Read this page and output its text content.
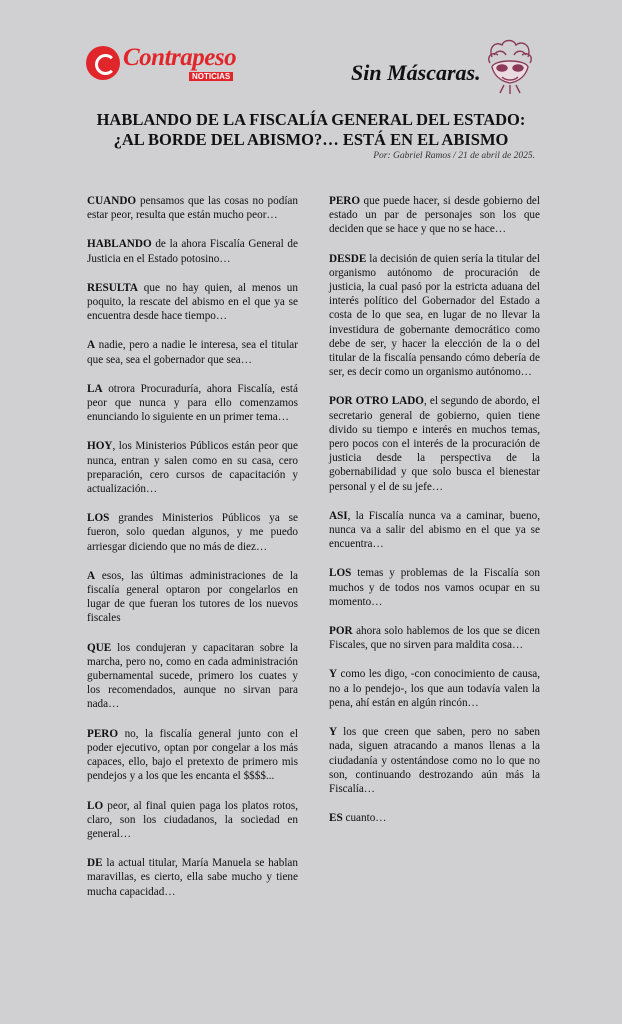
Contrapeso
NOTICIAS	Sin Máscaras.
HABLANDO DE LA FISCALÍA GENERAL DEL ESTADO:
¿AL BORDE DEL ABISMO?… ESTÁ EN EL ABISMO
Por: Gabriel Ramos / 21 de abril de 2025.

CUANDO pensamos que las cosas no podían estar peor, resulta que están mucho peor…

HABLANDO de la ahora Fiscalía General de Justicia en el Estado potosino…

RESULTA que no hay quien, al menos un poquito, la rescate del abismo en el que ya se encuentra desde hace tiempo…

A nadie, pero a nadie le interesa, sea el titular que sea, sea el gobernador que sea…

LA otrora Procuraduría, ahora Fiscalía, está peor que nunca y para ello comenzamos enunciando lo siguiente en un primer tema…

HOY, los Ministerios Públicos están peor que nunca, entran y salen como en su casa, cero preparación, cero cursos de capacitación y actualización…

LOS grandes Ministerios Públicos ya se fueron, solo quedan algunos, y me puedo arriesgar diciendo que no más de diez…

A esos, las últimas administraciones de la fiscalía general optaron por congelarlos en lugar de que fueran los tutores de los nuevos fiscales

QUE los condujeran y capacitaran sobre la marcha, pero no, como en cada administración gubernamental sucede, primero los cuates y los recomendados, aunque no sirvan para nada…

PERO no, la fiscalía general junto con el poder ejecutivo, optan por congelar a los más capaces, ello, bajo el pretexto de primero mis pendejos y a los que les encanta el $$$$...

LO peor, al final quien paga los platos rotos, claro, son los ciudadanos, la sociedad en general…

DE la actual titular, María Manuela se hablan maravillas, es cierto, ella sabe mucho y tiene mucha capacidad…

PERO que puede hacer, si desde gobierno del estado un par de personajes son los que deciden que se hace y que no se hace…

DESDE la decisión de quien sería la titular del organismo autónomo de procuración de justicia, la cual pasó por la estricta aduana del interés político del Gobernador del Estado a costa de lo que sea, en lugar de no llevar la investidura de gobernante democrático como debe de ser, y hacer la elección de la o del titular de la fiscalía pensando cómo debería de ser, es decir como un organismo autónomo…

POR OTRO LADO, el segundo de abordo, el secretario general de gobierno, quien tiene divido su tiempo e interés en muchos temas, pero pocos con el interés de la procuración de justicia desde la perspectiva de la gobernabilidad y que solo busca el bienestar personal y el de su jefe…

ASI, la Fiscalía nunca va a caminar, bueno, nunca va a salir del abismo en el que ya se encuentra…

LOS temas y problemas de la Fiscalía son muchos y de todos nos vamos ocupar en su momento…

POR ahora solo hablemos de los que se dicen Fiscales, que no sirven para maldita cosa…

Y como les digo, -con conocimiento de causa, no a lo pendejo-, los que aun todavía valen la pena, ahí están en algún rincón…

Y los que creen que saben, pero no saben nada, siguen atracando a manos llenas a la ciudadanía y ostentándose como no lo que no son, continuando destrozando aún más la Fiscalía…

ES cuanto…
